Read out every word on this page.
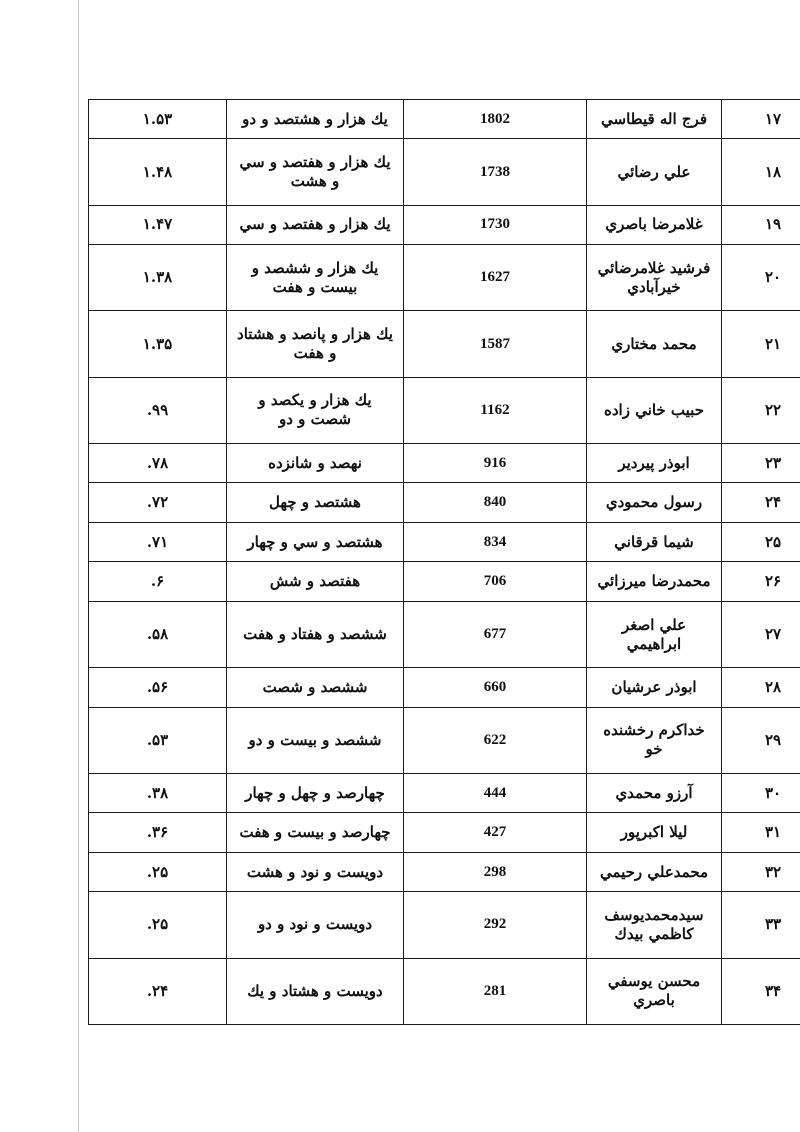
۱۷	فرج اله قيطاسي	1802	يك هزار و هشتصد و دو	۱.۵۳
۱۸	علي رضائي	1738	يك هزار و هفتصد و سي و هشت	۱.۴۸
۱۹	غلامرضا باصري	1730	يك هزار و هفتصد و سي	۱.۴۷
۲۰	فرشيد غلامرضائي خيرآبادي	1627	يك هزار و ششصد و بيست و هفت	۱.۳۸
۲۱	محمد مختاري	1587	يك هزار و پانصد و هشتاد و هفت	۱.۳۵
۲۲	حبيب خاني زاده	1162	يك هزار و يكصد و شصت و دو	۹۹.
۲۳	ابوذر پيردير	916	نهصد و شانزده	۷۸.
۲۴	رسول محمودي	840	هشتصد و چهل	۷۲.
۲۵	شيما قرقاني	834	هشتصد و سي و چهار	۷۱.
۲۶	محمدرضا ميرزائي	706	هفتصد و شش	۶.
۲۷	علي اصغر ابراهيمي	677	ششصد و هفتاد و هفت	۵۸.
۲۸	ابوذر عرشيان	660	ششصد و شصت	۵۶.
۲۹	خداكرم رخشنده خو	622	ششصد و بيست و دو	۵۳.
۳۰	آرزو محمدي	444	چهارصد و چهل و چهار	۳۸.
۳۱	ليلا اكبرپور	427	چهارصد و بيست و هفت	۳۶.
۳۲	محمدعلي رحيمي	298	دويست و نود و هشت	۲۵.
۳۳	سيدمحمديوسف كاظمي بيدك	292	دويست و نود و دو	۲۵.
۳۴	محسن يوسفي باصري	281	دويست و هشتاد و يك	۲۴.
